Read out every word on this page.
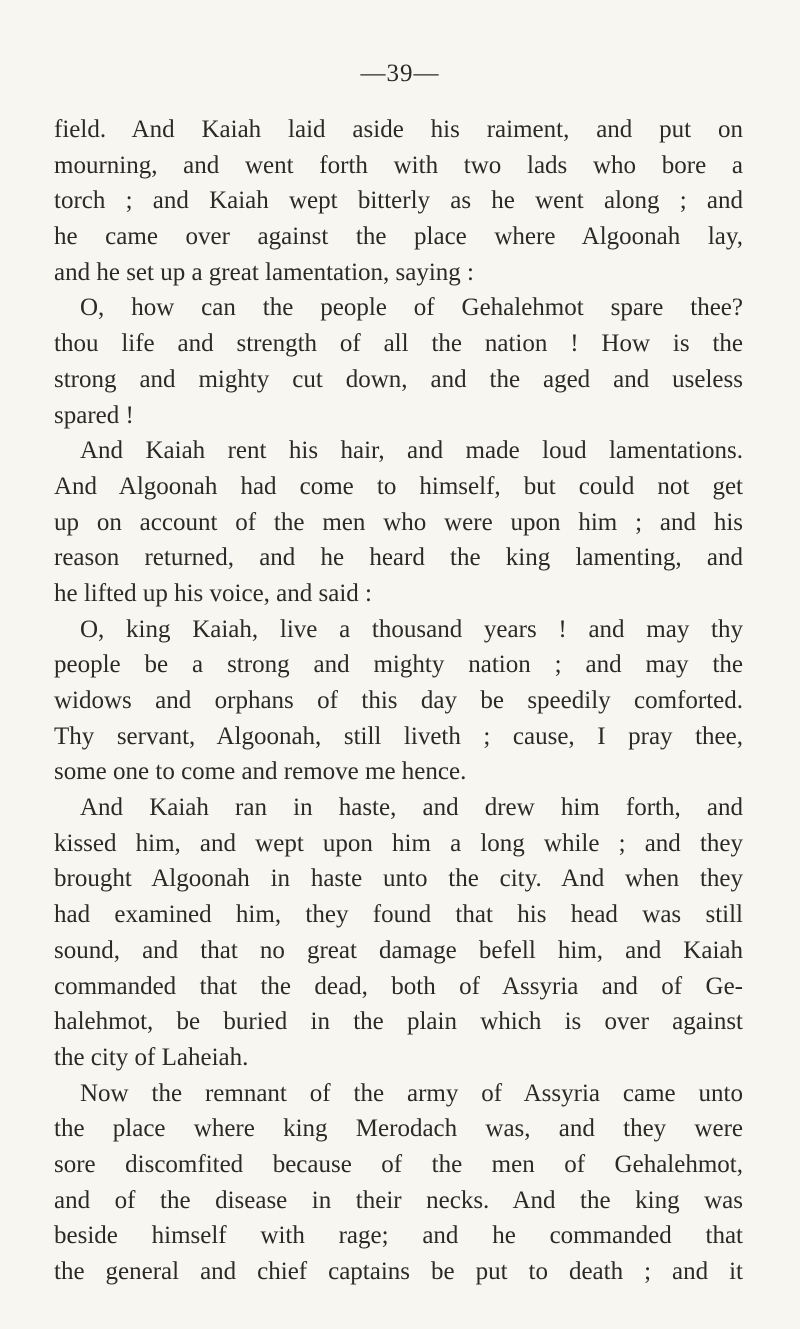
—39—
field. And Kaiah laid aside his raiment, and put on
mourning, and went forth with two lads who bore a
torch ; and Kaiah wept bitterly as he went along ; and
he came over against the place where Algoonah lay,
and he set up a great lamentation, saying :
O, how can the people of Gehalehmot spare thee?
thou life and strength of all the nation ! How is the
strong and mighty cut down, and the aged and useless
spared !
And Kaiah rent his hair, and made loud lamentations.
And Algoonah had come to himself, but could not get
up on account of the men who were upon him ; and his
reason returned, and he heard the king lamenting, and
he lifted up his voice, and said :
O, king Kaiah, live a thousand years ! and may thy
people be a strong and mighty nation ; and may the
widows and orphans of this day be speedily comforted.
Thy servant, Algoonah, still liveth ; cause, I pray thee,
some one to come and remove me hence.
And Kaiah ran in haste, and drew him forth, and
kissed him, and wept upon him a long while ; and they
brought Algoonah in haste unto the city. And when they
had examined him, they found that his head was still
sound, and that no great damage befell him, and Kaiah
commanded that the dead, both of Assyria and of Ge-
halehmot, be buried in the plain which is over against
the city of Laheiah.
Now the remnant of the army of Assyria came unto
the place where king Merodach was, and they were
sore discomfited because of the men of Gehalehmot,
and of the disease in their necks. And the king was
beside himself with rage; and he commanded that
the general and chief captains be put to death ; and it
